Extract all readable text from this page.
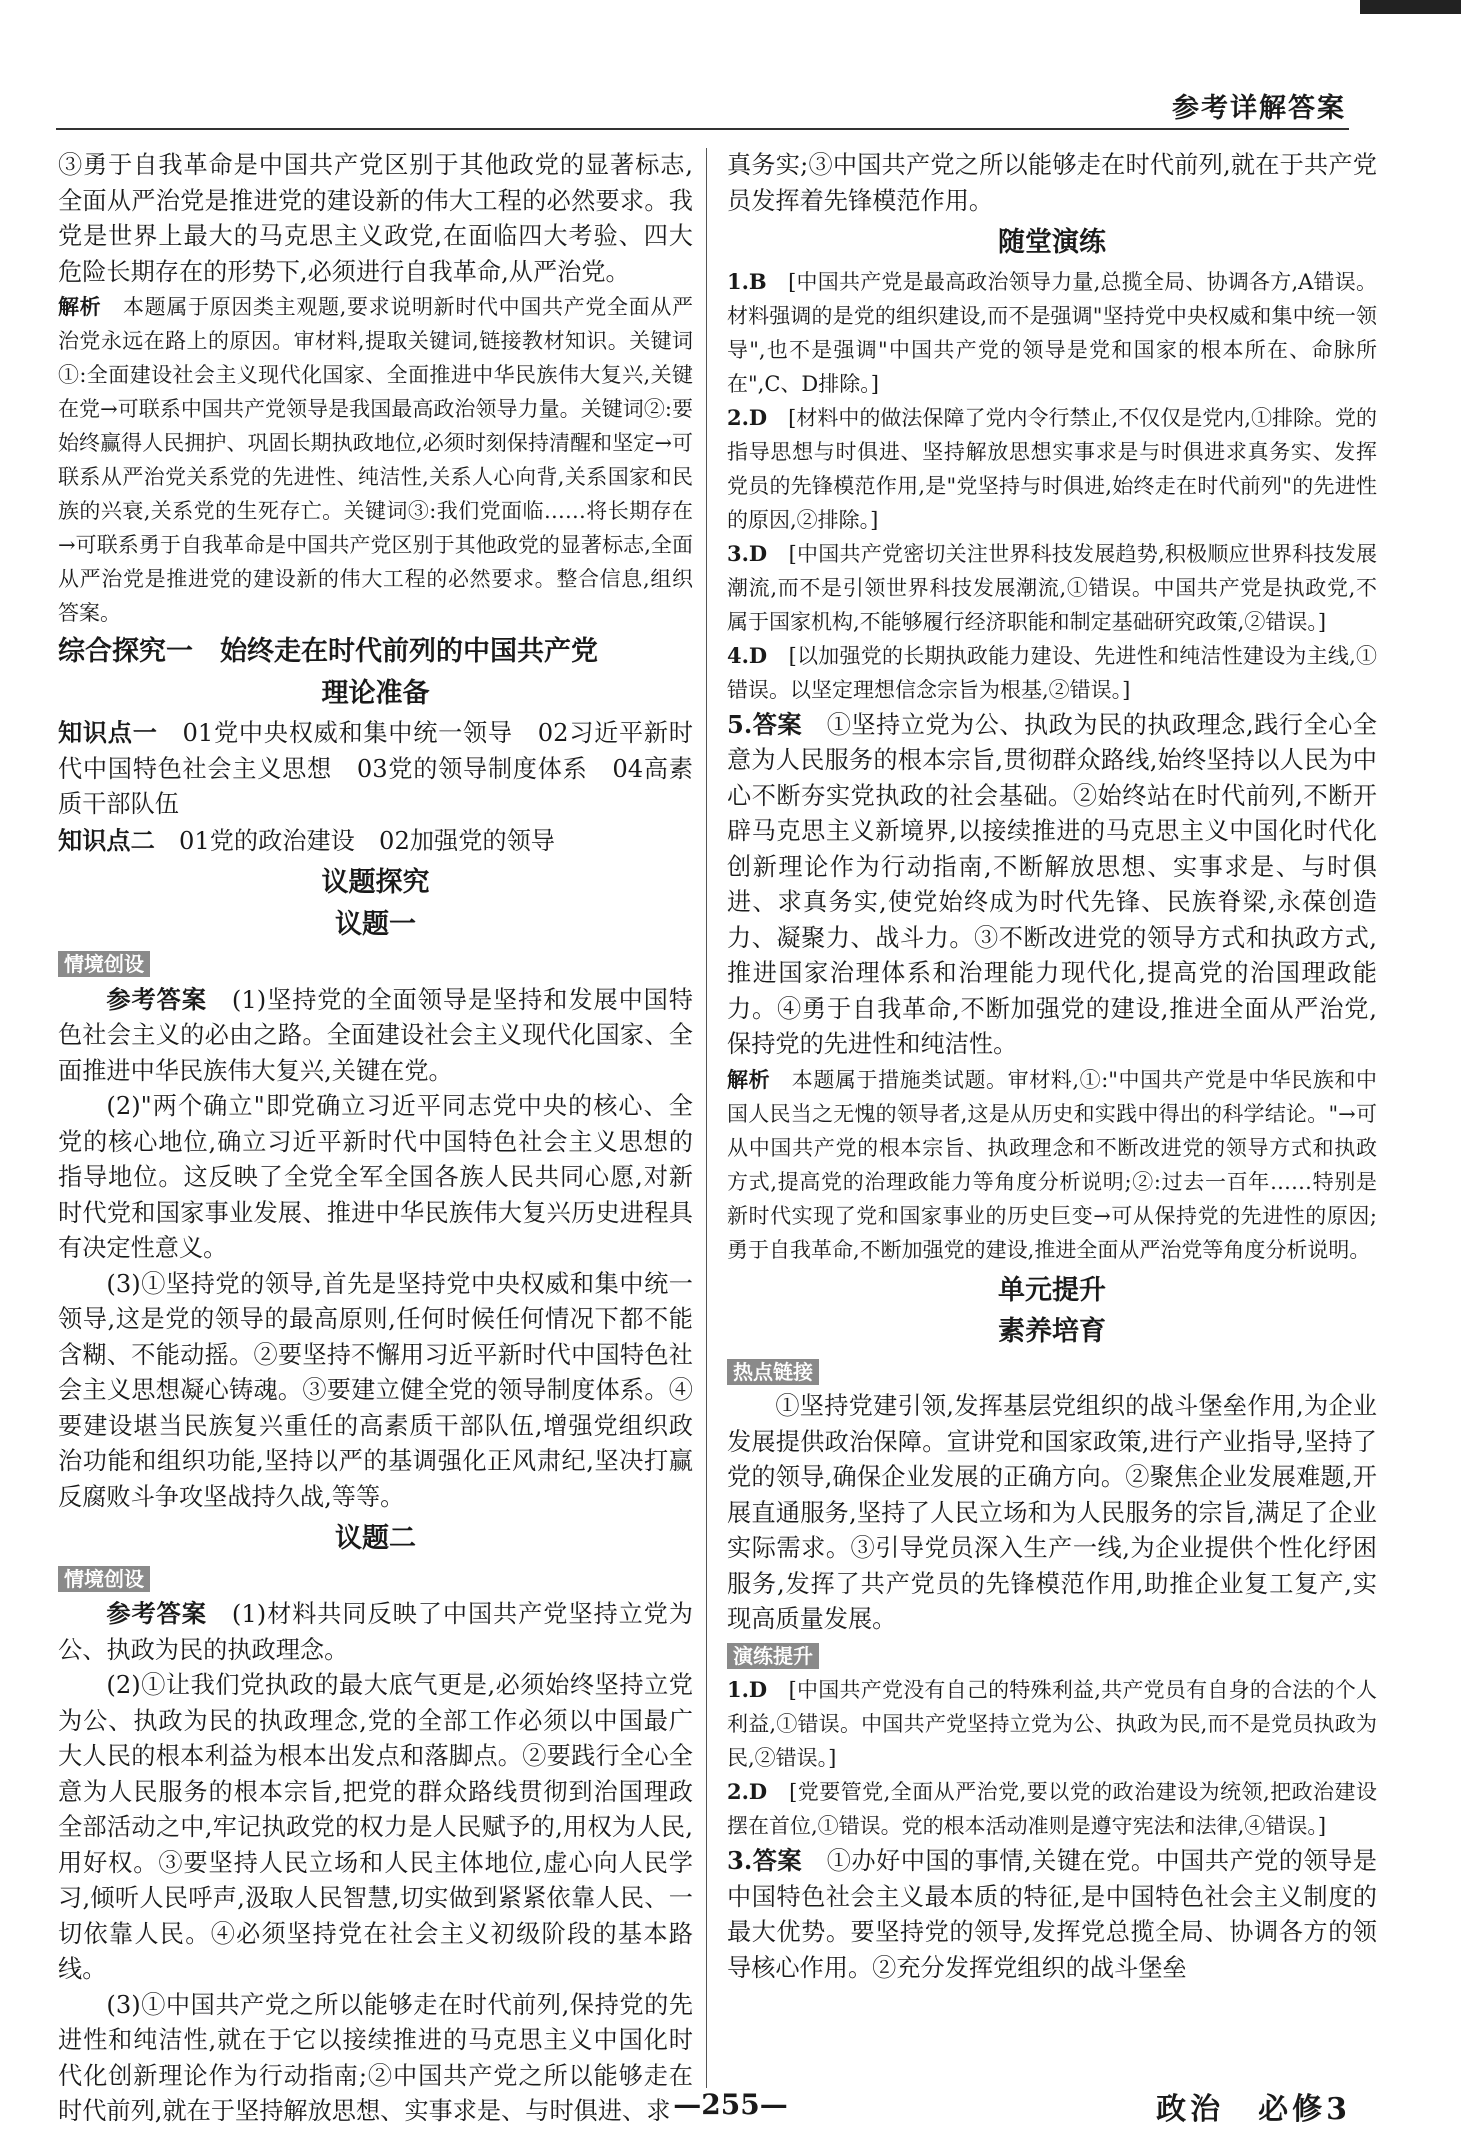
参考详解答案

③勇于自我革命是中国共产党区别于其他政党的显著标志,全面从严治党是推进党的建设新的伟大工程的必然要求。我党是世界上最大的马克思主义政党,在面临四大考验、四大危险长期存在的形势下,必须进行自我革命,从严治党。

解析　 本题属于原因类主观题,要求说明新时代中国共产党全面从严治党永远在路上的原因。审材料,提取关键词,链接教材知识。关键词①:全面建设社会主义现代化国家、全面推进中华民族伟大复兴,关键在党→可联系中国共产党领导是我国最高政治领导力量。关键词②:要始终赢得人民拥护、巩固长期执政地位,必须时刻保持清醒和坚定→可联系从严治党关系党的先进性、纯洁性,关系人心向背,关系国家和民族的兴衰,关系党的生死存亡。关键词③:我们党面临……将长期存在→可联系勇于自我革命是中国共产党区别于其他政党的显著标志,全面从严治党是推进党的建设新的伟大工程的必然要求。整合信息,组织答案。

综合探究一　始终走在时代前列的中国共产党
理论准备

知识点一　 01党中央权威和集中统一领导　02习近平新时代中国特色社会主义思想　03党的领导制度体系　04高素质干部队伍

知识点二　 01党的政治建设　02加强党的领导

议题探究
议题一
情境创设

参考答案　 (1)坚持党的全面领导是坚持和发展中国特色社会主义的必由之路。全面建设社会主义现代化国家、全面推进中华民族伟大复兴,关键在党。

(2)"两个确立"即党确立习近平同志党中央的核心、全党的核心地位,确立习近平新时代中国特色社会主义思想的指导地位。这反映了全党全军全国各族人民共同心愿,对新时代党和国家事业发展、推进中华民族伟大复兴历史进程具有决定性意义。

(3)①坚持党的领导,首先是坚持党中央权威和集中统一领导,这是党的领导的最高原则,任何时候任何情况下都不能含糊、不能动摇。②要坚持不懈用习近平新时代中国特色社会主义思想凝心铸魂。③要建立健全党的领导制度体系。④要建设堪当民族复兴重任的高素质干部队伍,增强党组织政治功能和组织功能,坚持以严的基调强化正风肃纪,坚决打赢反腐败斗争攻坚战持久战,等等。

议题二
情境创设

参考答案　 (1)材料共同反映了中国共产党坚持立党为公、执政为民的执政理念。

(2)①让我们党执政的最大底气更是,必须始终坚持立党为公、执政为民的执政理念,党的全部工作必须以中国最广大人民的根本利益为根本出发点和落脚点。②要践行全心全意为人民服务的根本宗旨,把党的群众路线贯彻到治国理政全部活动之中,牢记执政党的权力是人民赋予的,用权为人民,用好权。③要坚持人民立场和人民主体地位,虚心向人民学习,倾听人民呼声,汲取人民智慧,切实做到紧紧依靠人民、一切依靠人民。④必须坚持党在社会主义初级阶段的基本路线。

(3)①中国共产党之所以能够走在时代前列,保持党的先进性和纯洁性,就在于它以接续推进的马克思主义中国化时代化创新理论作为行动指南;②中国共产党之所以能够走在时代前列,就在于坚持解放思想、实事求是、与时俱进、求

真务实;③中国共产党之所以能够走在时代前列,就在于共产党员发挥着先锋模范作用。

随堂演练

1.B　 [中国共产党是最高政治领导力量,总揽全局、协调各方,A错误。材料强调的是党的组织建设,而不是强调"坚持党中央权威和集中统一领导",也不是强调"中国共产党的领导是党和国家的根本所在、命脉所在",C、D排除。]

2.D　 [材料中的做法保障了党内令行禁止,不仅仅是党内,①排除。党的指导思想与时俱进、坚持解放思想实事求是与时俱进求真务实、发挥党员的先锋模范作用,是"党坚持与时俱进,始终走在时代前列"的先进性的原因,②排除。]

3.D　 [中国共产党密切关注世界科技发展趋势,积极顺应世界科技发展潮流,而不是引领世界科技发展潮流,①错误。中国共产党是执政党,不属于国家机构,不能够履行经济职能和制定基础研究政策,②错误。]

4.D　 [以加强党的长期执政能力建设、先进性和纯洁性建设为主线,①错误。以坚定理想信念宗旨为根基,②错误。]

5.答案　 ①坚持立党为公、执政为民的执政理念,践行全心全意为人民服务的根本宗旨,贯彻群众路线,始终坚持以人民为中心不断夯实党执政的社会基础。②始终站在时代前列,不断开辟马克思主义新境界,以接续推进的马克思主义中国化时代化创新理论作为行动指南,不断解放思想、实事求是、与时俱进、求真务实,使党始终成为时代先锋、民族脊梁,永葆创造力、凝聚力、战斗力。③不断改进党的领导方式和执政方式,推进国家治理体系和治理能力现代化,提高党的治国理政能力。④勇于自我革命,不断加强党的建设,推进全面从严治党,保持党的先进性和纯洁性。

解析　 本题属于措施类试题。审材料,①:"中国共产党是中华民族和中国人民当之无愧的领导者,这是从历史和实践中得出的科学结论。"→可从中国共产党的根本宗旨、执政理念和不断改进党的领导方式和执政方式,提高党的治理政能力等角度分析说明;②:过去一百年……特别是新时代实现了党和国家事业的历史巨变→可从保持党的先进性的原因;勇于自我革命,不断加强党的建设,推进全面从严治党等角度分析说明。

单元提升
素养培育
热点链接

①坚持党建引领,发挥基层党组织的战斗堡垒作用,为企业发展提供政治保障。宣讲党和国家政策,进行产业指导,坚持了党的领导,确保企业发展的正确方向。②聚焦企业发展难题,开展直通服务,坚持了人民立场和为人民服务的宗旨,满足了企业实际需求。③引导党员深入生产一线,为企业提供个性化纾困服务,发挥了共产党员的先锋模范作用,助推企业复工复产,实现高质量发展。

演练提升

1.D　 [中国共产党没有自己的特殊利益,共产党员有自身的合法的个人利益,①错误。中国共产党坚持立党为公、执政为民,而不是党员执政为民,②错误。]

2.D　 [党要管党,全面从严治党,要以党的政治建设为统领,把政治建设摆在首位,①错误。党的根本活动准则是遵守宪法和法律,④错误。]

3.答案　 ①办好中国的事情,关键在党。中国共产党的领导是中国特色社会主义最本质的特征,是中国特色社会主义制度的最大优势。要坚持党的领导,发挥党总揽全局、协调各方的领导核心作用。②充分发挥党组织的战斗堡垒

—255—	政治　必修3
